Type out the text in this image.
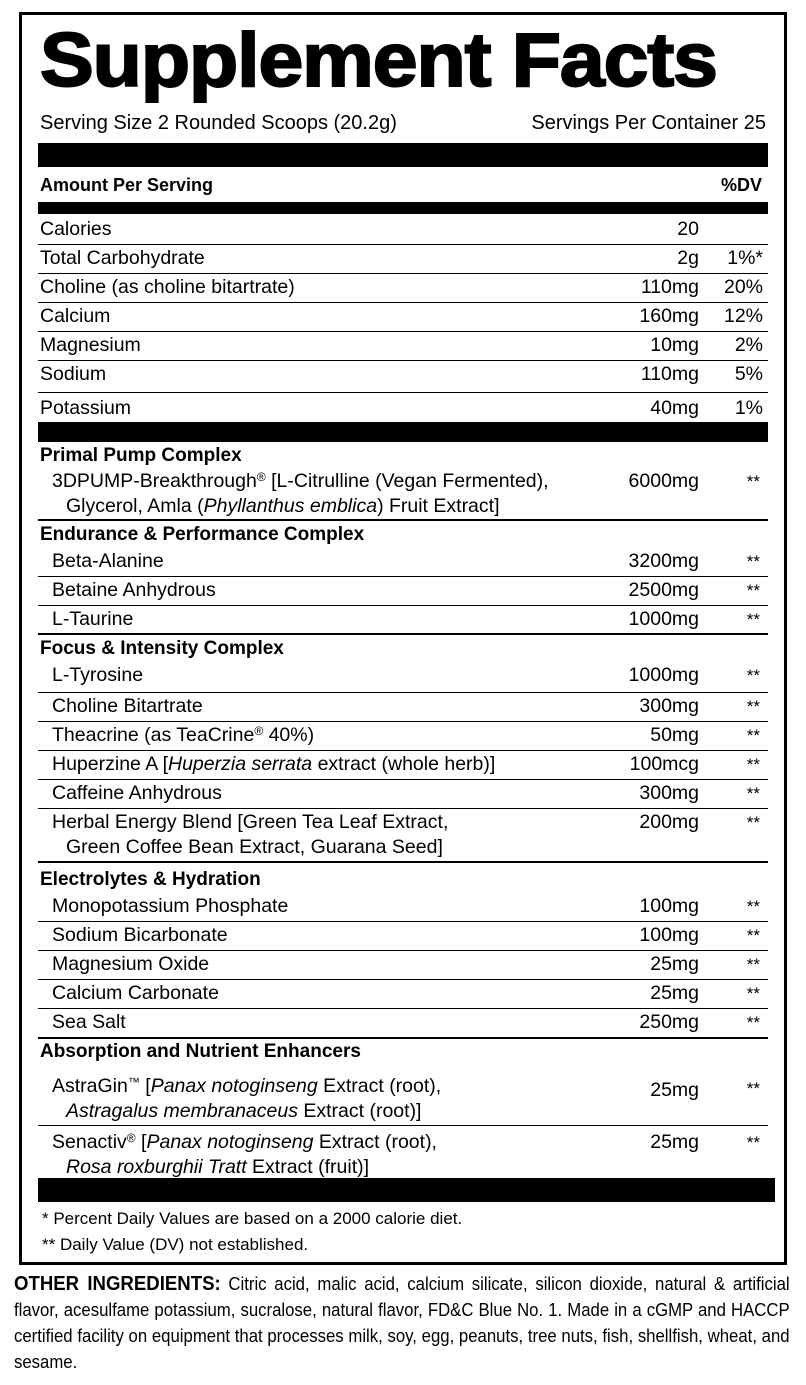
Supplement Facts
Serving Size 2 Rounded Scoops (20.2g)	Servings Per Container 25
Amount Per Serving	%DV
Calories	20
Total Carbohydrate	2g 1%*
Choline (as choline bitartrate)	110mg 20%
Calcium	160mg 12%
Magnesium	10mg 2%
Sodium	110mg 5%
Potassium	40mg 1%
Primal Pump Complex
3DPUMP-Breakthrough® [L-Citrulline (Vegan Fermented),
Glycerol, Amla (Phyllanthus emblica) Fruit Extract]
6000mg	**
Endurance & Performance Complex
Beta-Alanine	3200mg	**
Betaine Anhydrous	2500mg	**
L-Taurine	1000mg	**
Focus & Intensity Complex
L-Tyrosine	1000mg	**
Choline Bitartrate	300mg	**
Theacrine (as TeaCrine® 40%)	50mg	**
Huperzine A [Huperzia serrata extract (whole herb)]	100mcg	**
Caffeine Anhydrous	300mg	**
Herbal Energy Blend [Green Tea Leaf Extract,
Green Coffee Bean Extract, Guarana Seed]
200mg	**
Electrolytes & Hydration
Monopotassium Phosphate	100mg	**
Sodium Bicarbonate	100mg	**
Magnesium Oxide	25mg	**
Calcium Carbonate	25mg	**
Sea Salt	250mg	**
Absorption and Nutrient Enhancers
AstraGin™ [Panax notoginseng Extract (root),
Astragalus membranaceus Extract (root)]
25mg	**
Senactiv® [Panax notoginseng Extract (root),
Rosa roxburghii Tratt Extract (fruit)]
25mg	**
* Percent Daily Values are based on a 2000 calorie diet.
** Daily Value (DV) not established.
OTHER INGREDIENTS: Citric acid, malic acid, calcium silicate, silicon dioxide, natural & artificial flavor, acesulfame potassium, sucralose, natural flavor, FD&C Blue No. 1. Made in a cGMP and HACCP certified facility on equipment that processes milk, soy, egg, peanuts, tree nuts, fish, shellfish, wheat, and sesame.
